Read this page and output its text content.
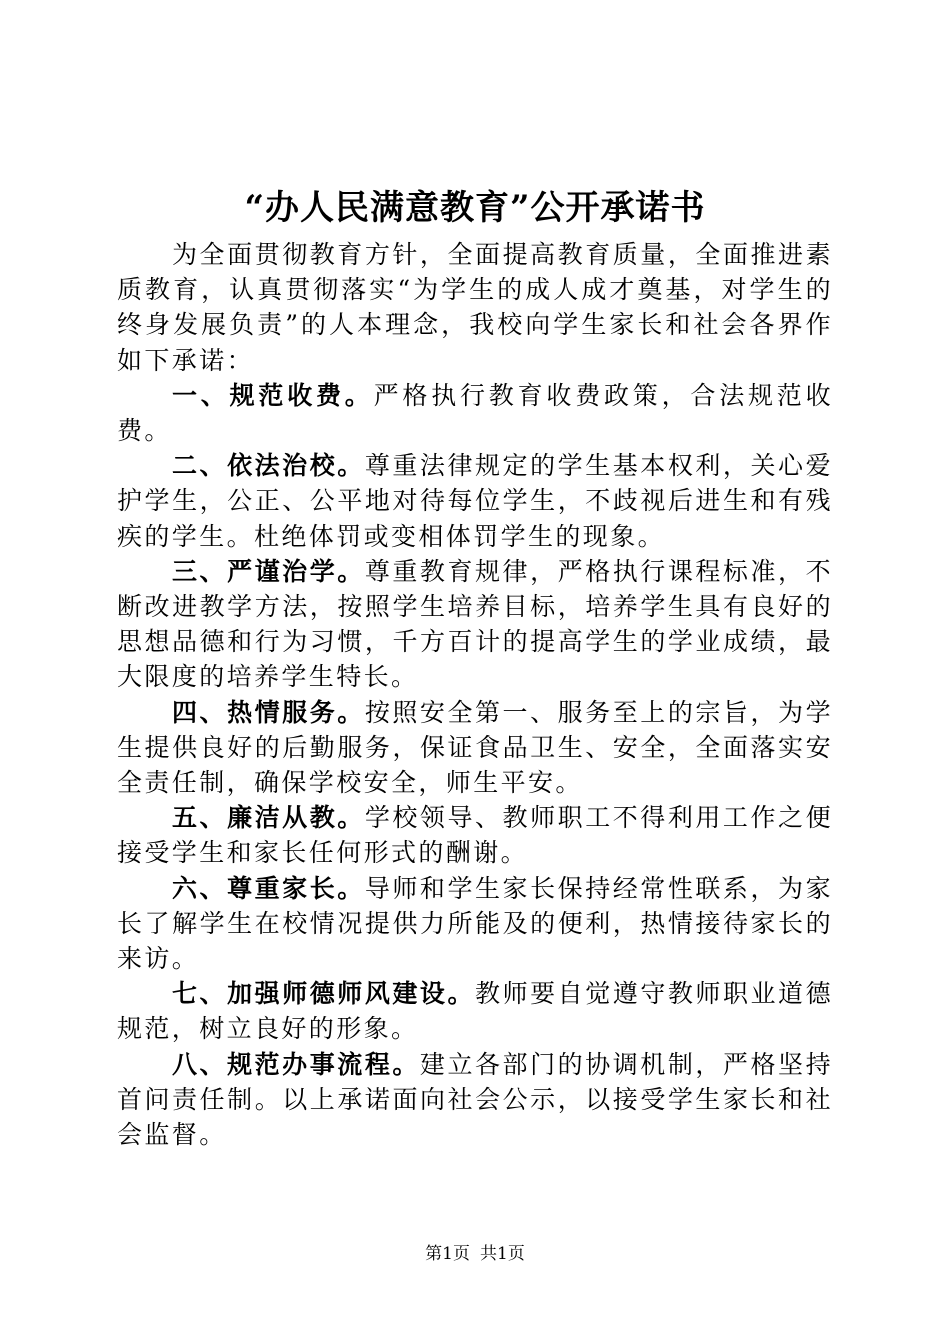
“办人民满意教育”公开承诺书

为全面贯彻教育方针，全面提高教育质量，全面推进素质教育，认真贯彻落实“为学生的成人成才奠基，对学生的终身发展负责”的人本理念，我校向学生家长和社会各界作如下承诺：

一、规范收费。严格执行教育收费政策，合法规范收费。

二、依法治校。尊重法律规定的学生基本权利，关心爱护学生，公正、公平地对待每位学生，不歧视后进生和有残疾的学生。杜绝体罚或变相体罚学生的现象。

三、严谨治学。尊重教育规律，严格执行课程标准，不断改进教学方法，按照学生培养目标，培养学生具有良好的思想品德和行为习惯，千方百计的提高学生的学业成绩，最大限度的培养学生特长。

四、热情服务。按照安全第一、服务至上的宗旨，为学生提供良好的后勤服务，保证食品卫生、安全，全面落实安全责任制，确保学校安全，师生平安。

五、廉洁从教。学校领导、教师职工不得利用工作之便接受学生和家长任何形式的酬谢。

六、尊重家长。导师和学生家长保持经常性联系，为家长了解学生在校情况提供力所能及的便利，热情接待家长的来访。

七、加强师德师风建设。教师要自觉遵守教师职业道德规范，树立良好的形象。

八、规范办事流程。建立各部门的协调机制，严格坚持首问责任制。以上承诺面向社会公示，以接受学生家长和社会监督。

第1页 共1页
